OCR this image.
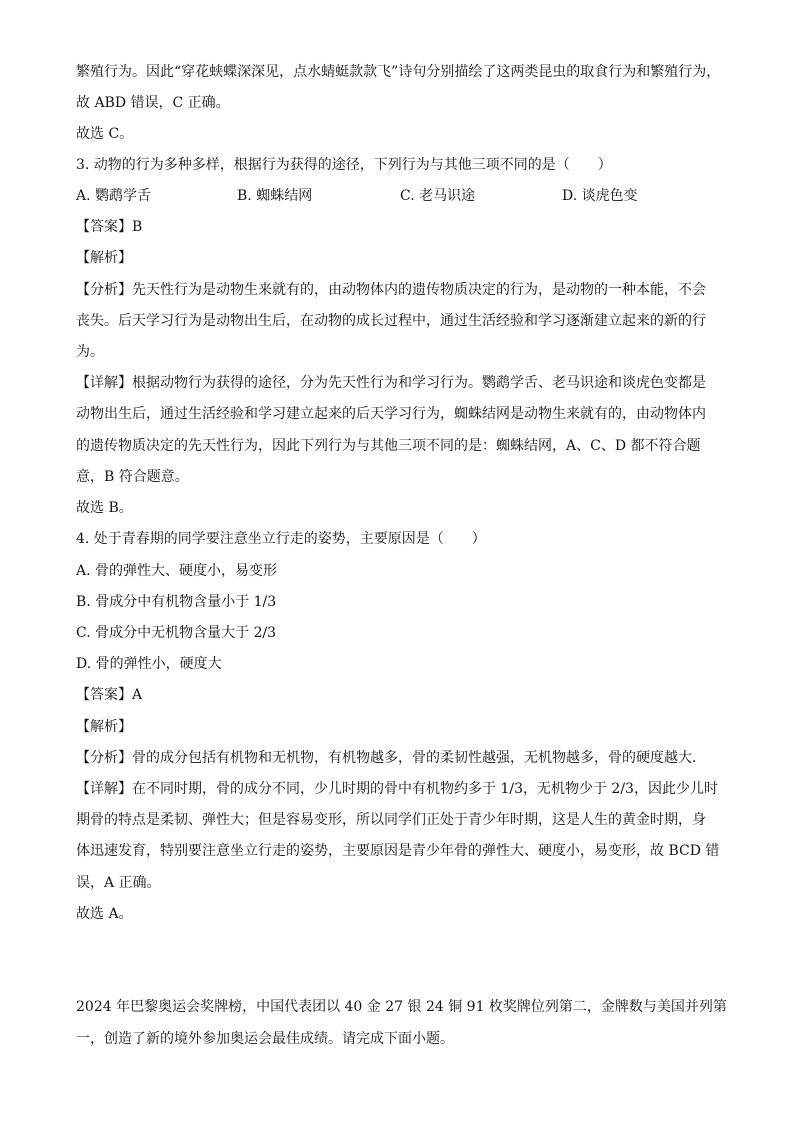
繁殖行为。因此“穿花蛱蝶深深见，点水蜻蜓款款飞”诗句分别描绘了这两类昆虫的取食行为和繁殖行为，
故 ABD 错误，C 正确。
故选 C。
3. 动物的行为多种多样，根据行为获得的途径，下列行为与其他三项不同的是（　　）
A. 鹦鹉学舌	B. 蜘蛛结网	C. 老马识途	D. 谈虎色变
【答案】B
【解析】
【分析】先天性行为是动物生来就有的，由动物体内的遗传物质决定的行为，是动物的一种本能，不会
丧失。后天学习行为是动物出生后，在动物的成长过程中，通过生活经验和学习逐渐建立起来的新的行
为。
【详解】根据动物行为获得的途径，分为先天性行为和学习行为。鹦鹉学舌、老马识途和谈虎色变都是
动物出生后，通过生活经验和学习建立起来的后天学习行为，蜘蛛结网是动物生来就有的，由动物体内
的遗传物质决定的先天性行为，因此下列行为与其他三项不同的是：蜘蛛结网，A、C、D 都不符合题
意，B 符合题意。
故选 B。
4. 处于青春期的同学要注意坐立行走的姿势，主要原因是（　　）
A. 骨的弹性大、硬度小，易变形
B. 骨成分中有机物含量小于 1/3
C. 骨成分中无机物含量大于 2/3
D. 骨的弹性小，硬度大
【答案】A
【解析】
【分析】骨的成分包括有机物和无机物，有机物越多，骨的柔韧性越强，无机物越多，骨的硬度越大．
【详解】在不同时期，骨的成分不同，少儿时期的骨中有机物约多于 1/3，无机物少于 2/3，因此少儿时
期骨的特点是柔韧、弹性大；但是容易变形，所以同学们正处于青少年时期，这是人生的黄金时期，身
体迅速发育，特别要注意坐立行走的姿势，主要原因是青少年骨的弹性大、硬度小，易变形，故 BCD 错
误，A 正确。
故选 A。
2024 年巴黎奥运会奖牌榜，中国代表团以 40 金 27 银 24 铜 91 枚奖牌位列第二，金牌数与美国并列第
一，创造了新的境外参加奥运会最佳成绩。请完成下面小题。
